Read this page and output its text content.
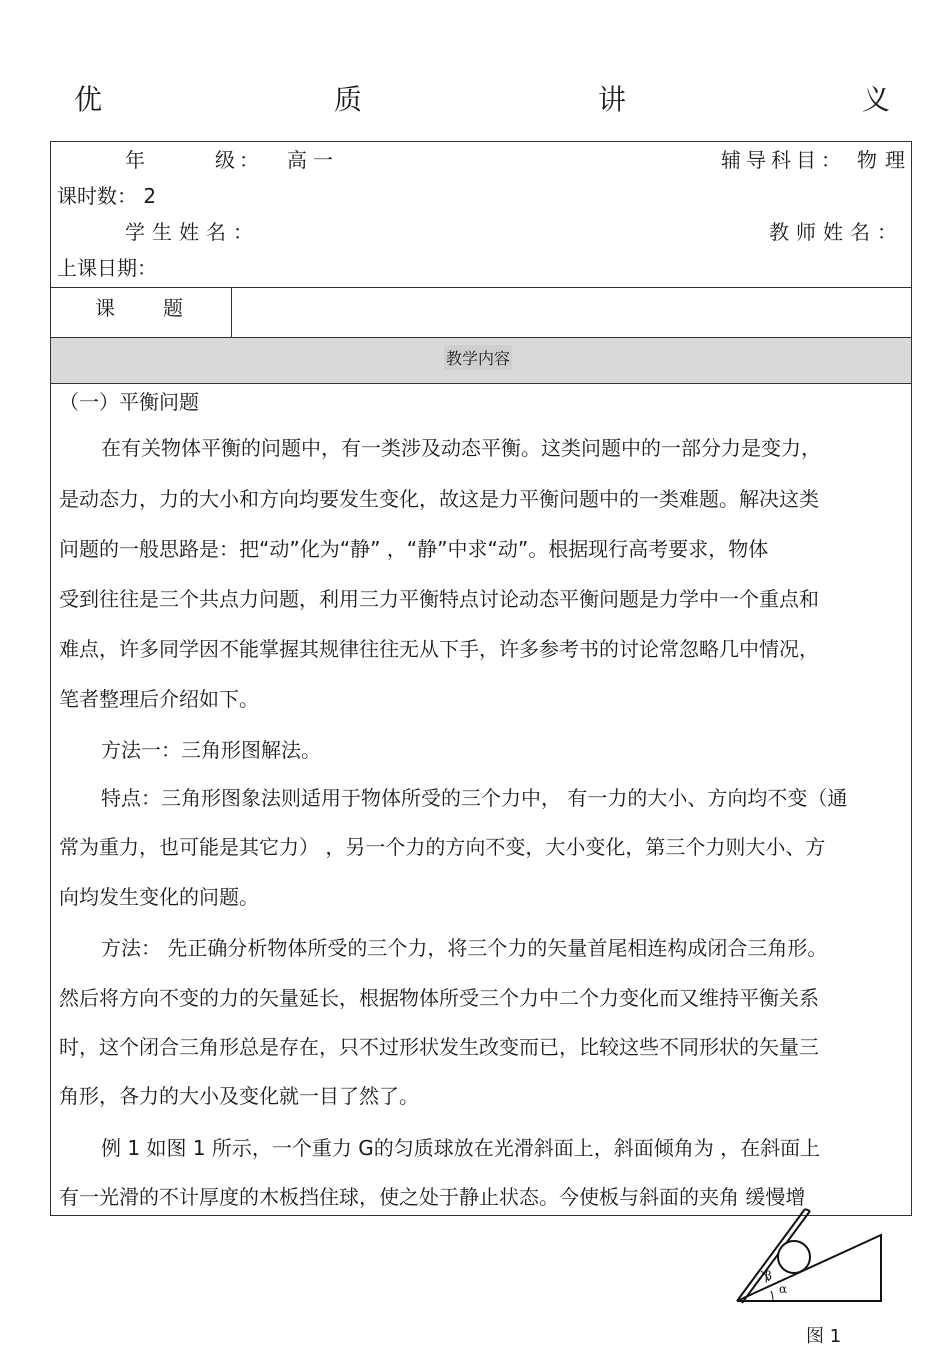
优	质	讲	义
年	级： 高一	辅导科目： 物理
课时数： 2
学生姓名：	教师姓名：
上课日期：
课 题
教学内容
（一）平衡问题
在有关物体平衡的问题中，有一类涉及动态平衡。这类问题中的一部分力是变力，
是动态力，力的大小和方向均要发生变化，故这是力平衡问题中的一类难题。解决这类
问题的一般思路是：把“动”化为“静” ，“静”中求“动”。根据现行高考要求，物体
受到往往是三个共点力问题，利用三力平衡特点讨论动态平衡问题是力学中一个重点和
难点，许多同学因不能掌握其规律往往无从下手，许多参考书的讨论常忽略几中情况，
笔者整理后介绍如下。
方法一：三角形图解法。
特点：三角形图象法则适用于物体所受的三个力中， 有一力的大小、方向均不变（通
常为重力，也可能是其它力） ，另一个力的方向不变，大小变化，第三个力则大小、方
向均发生变化的问题。
方法： 先正确分析物体所受的三个力，将三个力的矢量首尾相连构成闭合三角形。
然后将方向不变的力的矢量延长，根据物体所受三个力中二个力变化而又维持平衡关系
时，这个闭合三角形总是存在，只不过形状发生改变而已，比较这些不同形状的矢量三
角形，各力的大小及变化就一目了然了。
例 1 如图 1 所示，一个重力 G的匀质球放在光滑斜面上，斜面倾角为 ，在斜面上
有一光滑的不计厚度的木板挡住球，使之处于静止状态。今使板与斜面的夹角 缓慢增
β
α
图 1
